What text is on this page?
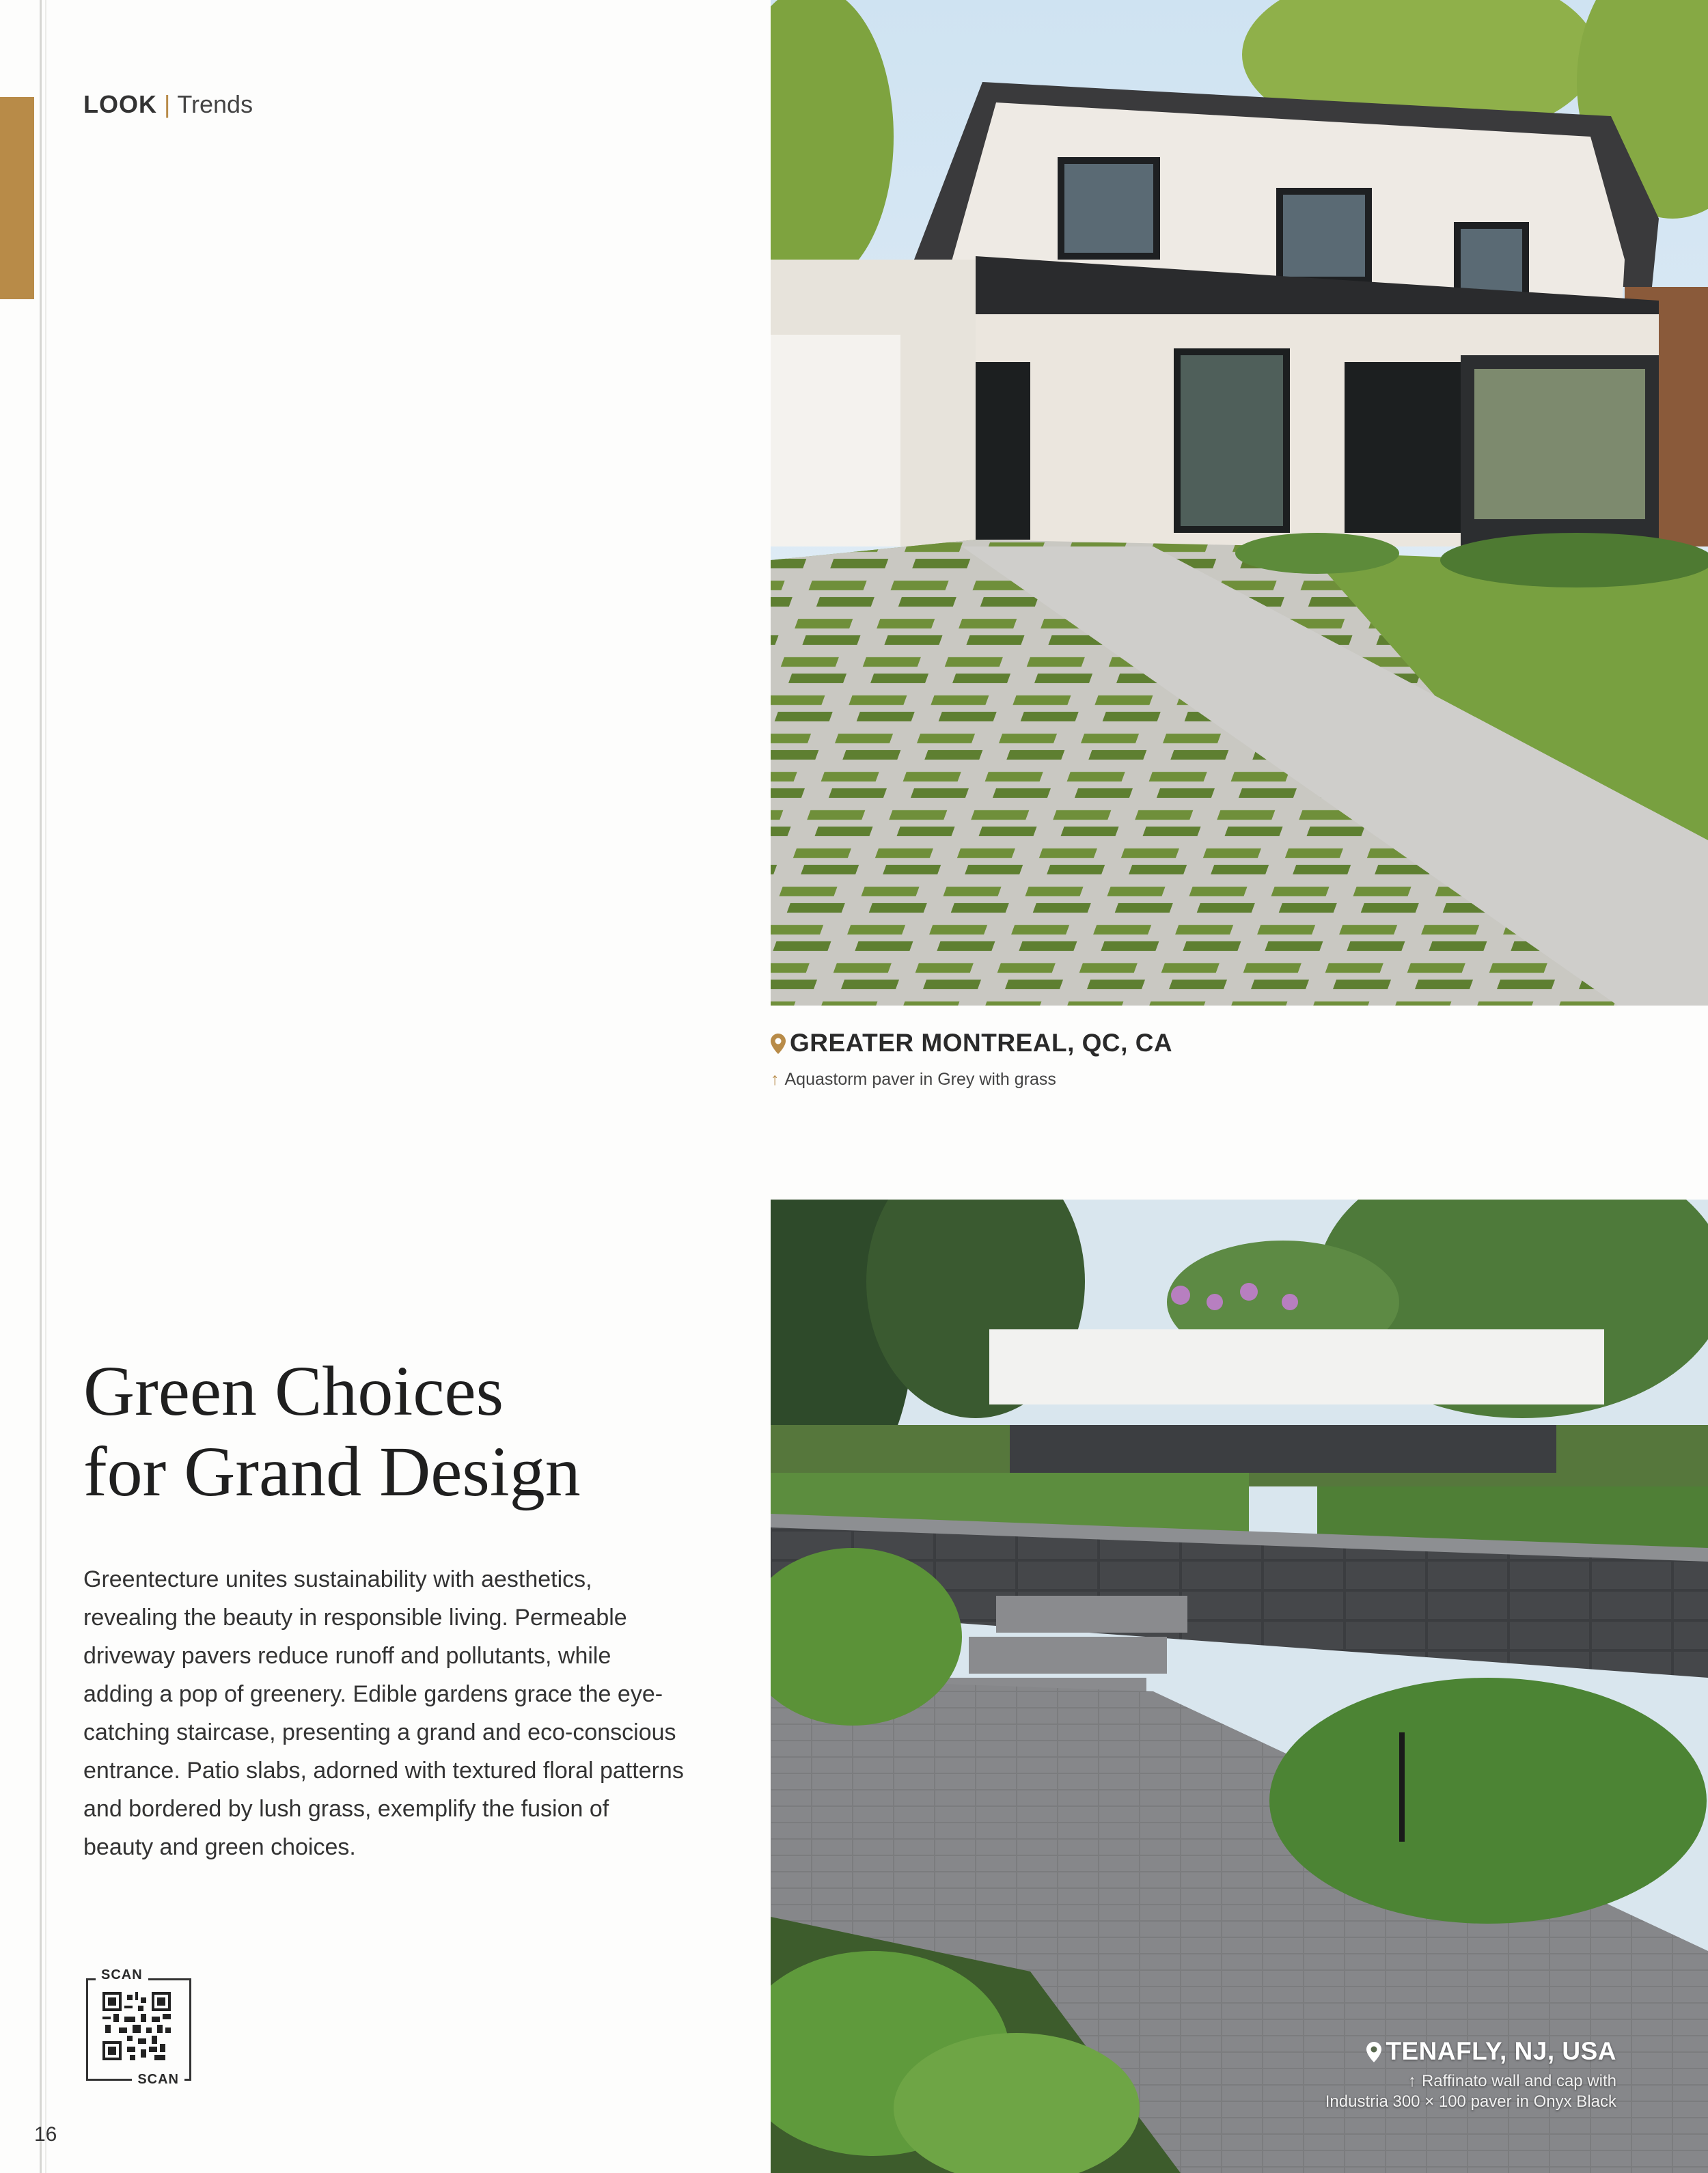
LOOK | Trends
GREATER MONTREAL, QC, CA
↑ Aquastorm paver in Grey with grass
TENAFLY, NJ, USA
↑ Raffinato wall and cap with
Industria 300 × 100 paver in Onyx Black
Green Choices
for Grand Design
Greentecture unites sustainability with aesthetics, revealing the beauty in responsible living. Permeable driveway pavers reduce runoff and pollutants, while adding a pop of greenery. Edible gardens grace the eye-catching staircase, presenting a grand and eco-conscious entrance. Patio slabs, adorned with textured floral patterns and bordered by lush grass, exemplify the fusion of beauty and green choices.
SCAN
SCAN
16
